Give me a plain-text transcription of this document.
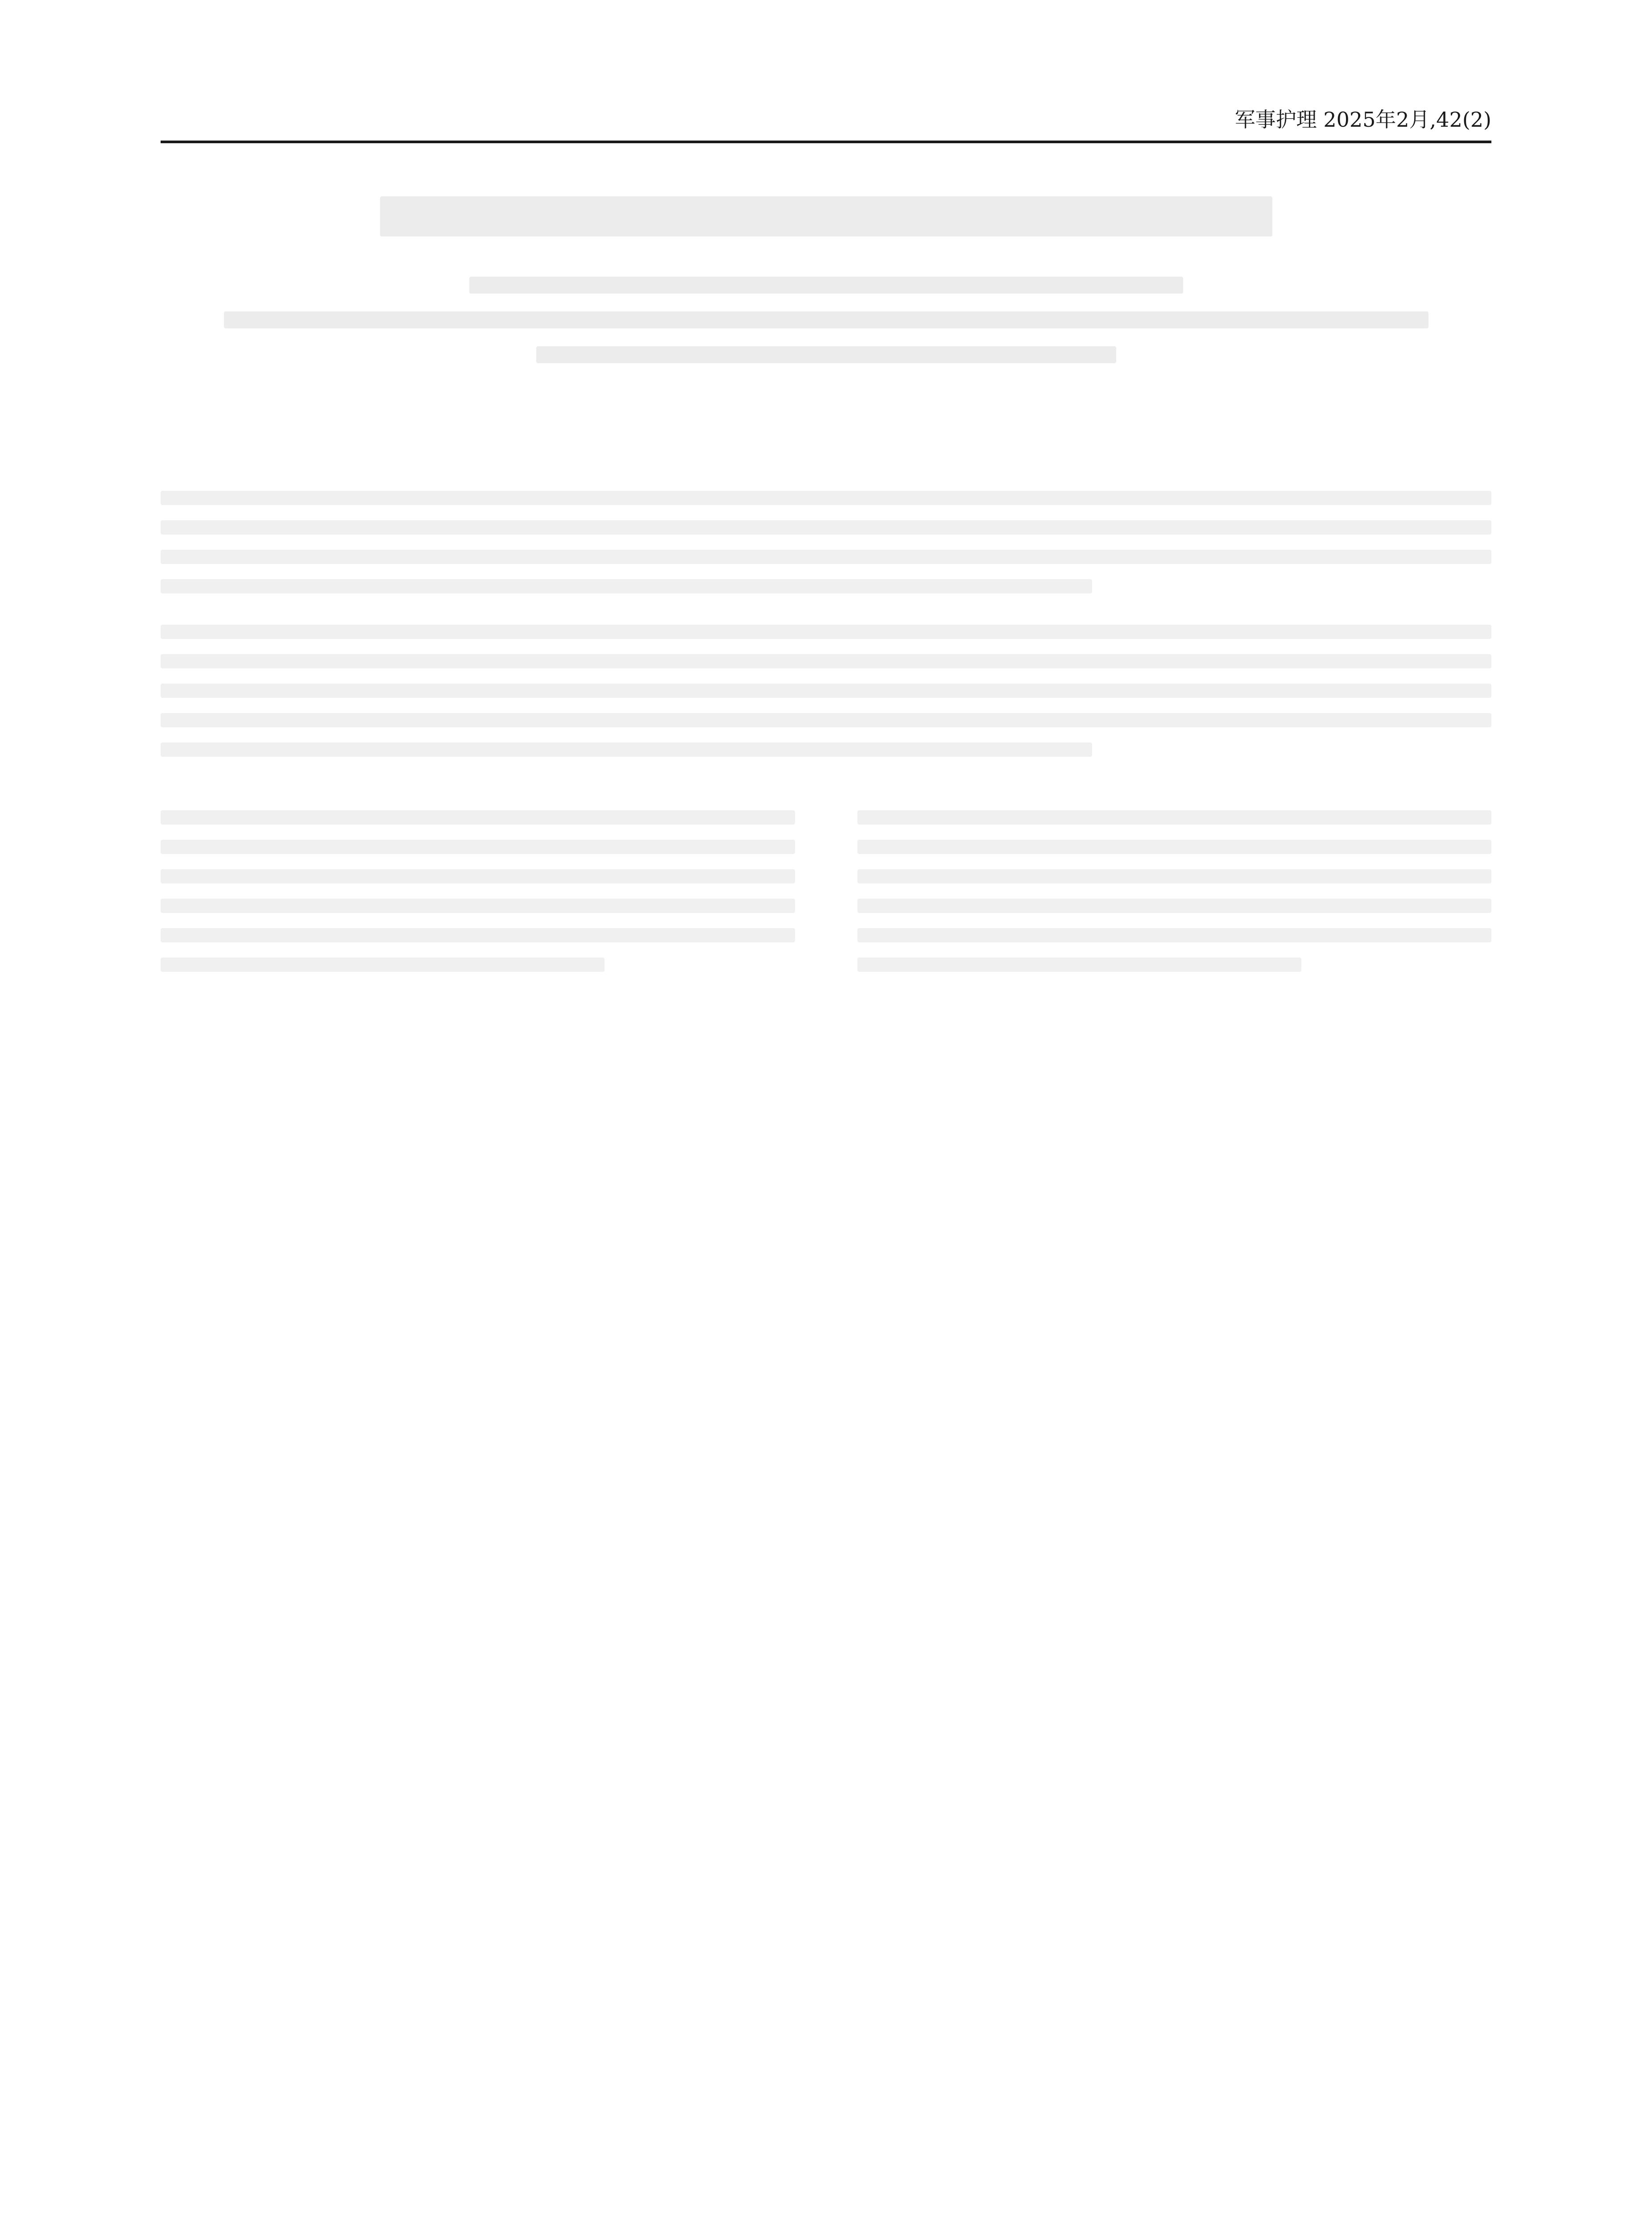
军事护理 2025年2月,42(2)
